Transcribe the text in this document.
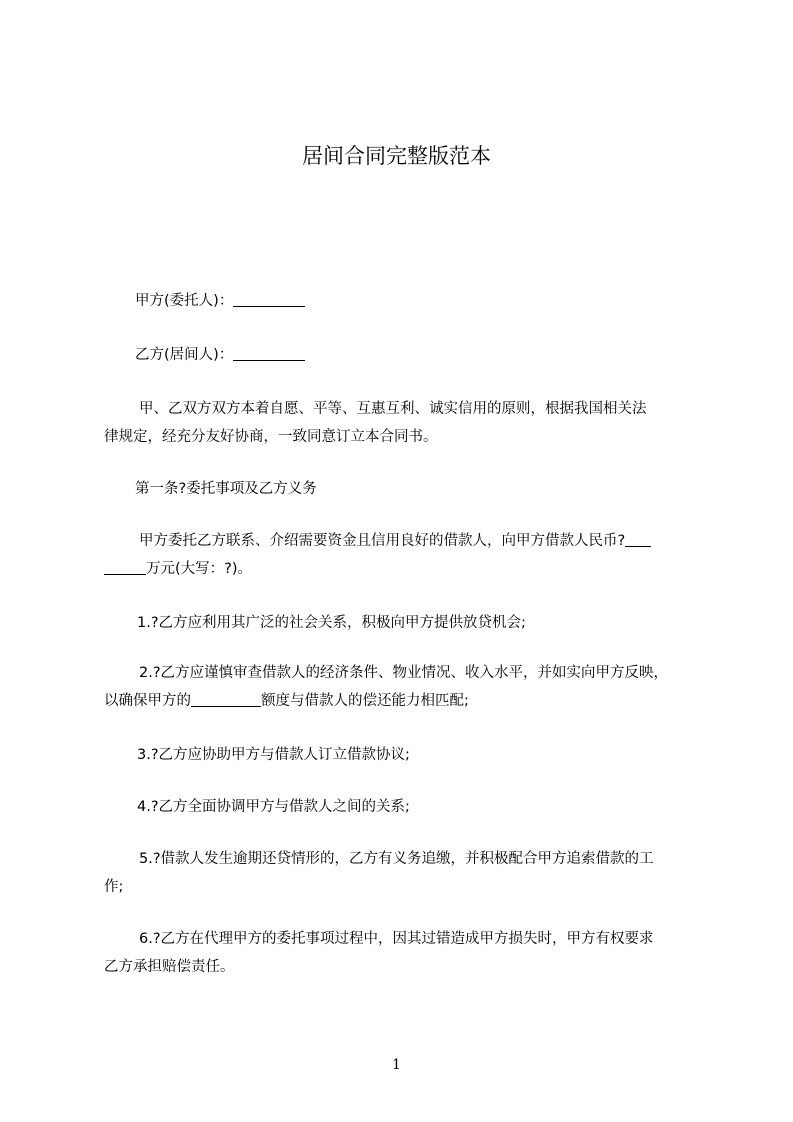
居间合同完整版范本

甲方(委托人)：

乙方(居间人)：

甲、乙双方双方本着自愿、平等、互惠互利、诚实信用的原则，根据我国相关法
律规定，经充分友好协商，一致同意订立本合同书。

第一条?委托事项及乙方义务

甲方委托乙方联系、介绍需要资金且信用良好的借款人，向甲方借款人民币?
万元(大写：?)。
1.?乙方应利用其广泛的社会关系，积极向甲方提供放贷机会;
2.?乙方应谨慎审查借款人的经济条件、物业情况、收入水平，并如实向甲方反映，
以确保甲方的	额度与借款人的偿还能力相匹配;
3.?乙方应协助甲方与借款人订立借款协议;
4.?乙方全面协调甲方与借款人之间的关系;
5.?借款人发生逾期还贷情形的，乙方有义务追缴，并积极配合甲方追索借款的工
作;
6.?乙方在代理甲方的委托事项过程中，因其过错造成甲方损失时，甲方有权要求
乙方承担赔偿责任。
1
